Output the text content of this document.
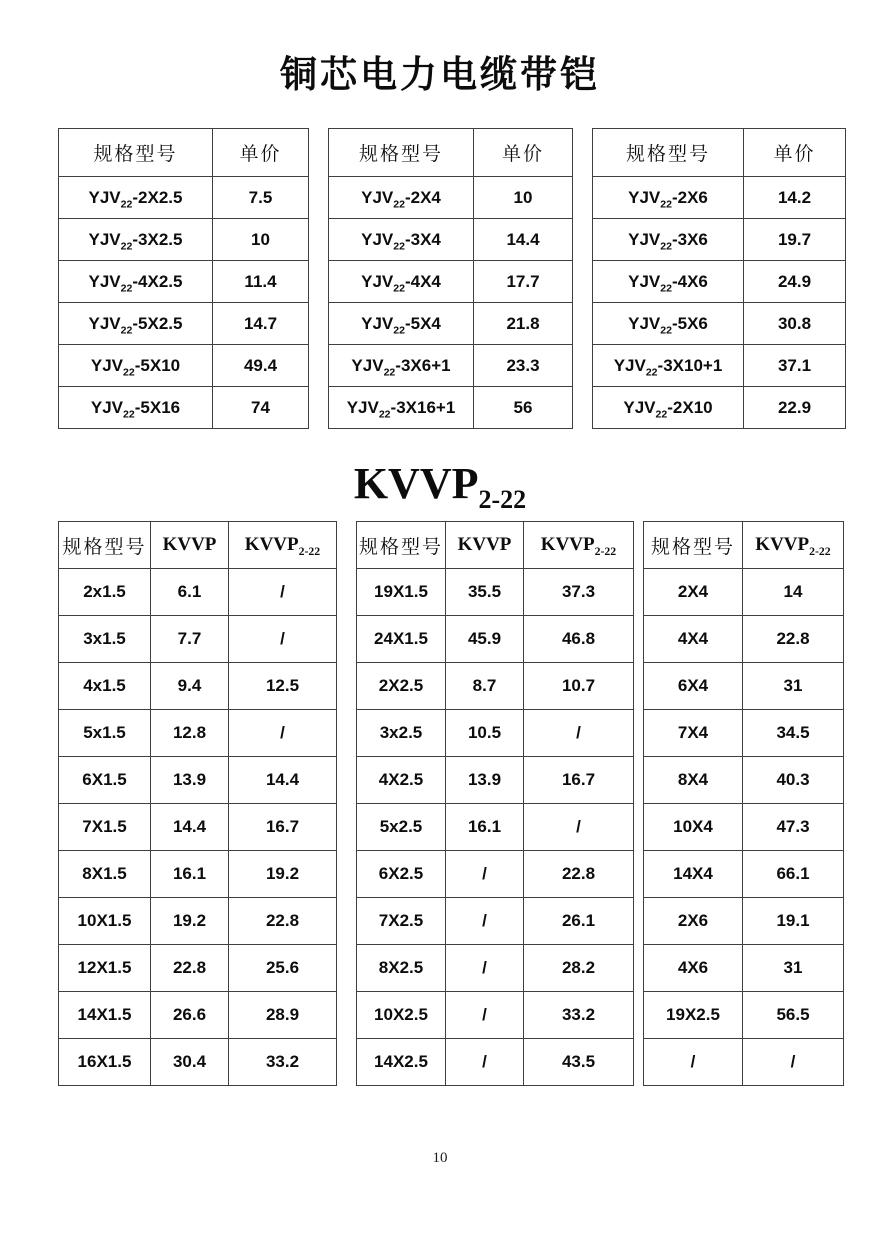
铜芯电力电缆带铠
规格型号	单价
$YJV_{22}-2X2.5$	7.5
$YJV_{22}-3X2.5$	10
$YJV_{22}-4X2.5$	11.4
$YJV_{22}-5X2.5$	14.7
$YJV_{22}-5X10$	49.4
$YJV_{22}-5X16$	74
规格型号	单价
$YJV_{22}-2X4$	10
$YJV_{22}-3X4$	14.4
$YJV_{22}-4X4$	17.7
$YJV_{22}-5X4$	21.8
$YJV_{22}-3X6+1$	23.3
$YJV_{22}-3X16+1$	56
规格型号	单价
$YJV_{22}-2X6$	14.2
$YJV_{22}-3X6$	19.7
$YJV_{22}-4X6$	24.9
$YJV_{22}-5X6$	30.8
$YJV_{22}-3X10+1$	37.1
$YJV_{22}-2X10$	22.9
$KVVP_{2-22}$
规格型号	KVVP	$KVVP_{2-22}$
2x1.5	6.1	/
3x1.5	7.7	/
4x1.5	9.4	12.5
5x1.5	12.8	/
6X1.5	13.9	14.4
7X1.5	14.4	16.7
8X1.5	16.1	19.2
10X1.5	19.2	22.8
12X1.5	22.8	25.6
14X1.5	26.6	28.9
16X1.5	30.4	33.2
规格型号	KVVP	$KVVP_{2-22}$
19X1.5	35.5	37.3
24X1.5	45.9	46.8
2X2.5	8.7	10.7
3x2.5	10.5	/
4X2.5	13.9	16.7
5x2.5	16.1	/
6X2.5	/	22.8
7X2.5	/	26.1
8X2.5	/	28.2
10X2.5	/	33.2
14X2.5	/	43.5
规格型号	$KVVP_{2-22}$
2X4	14
4X4	22.8
6X4	31
7X4	34.5
8X4	40.3
10X4	47.3
14X4	66.1
2X6	19.1
4X6	31
19X2.5	56.5
/	/
10
